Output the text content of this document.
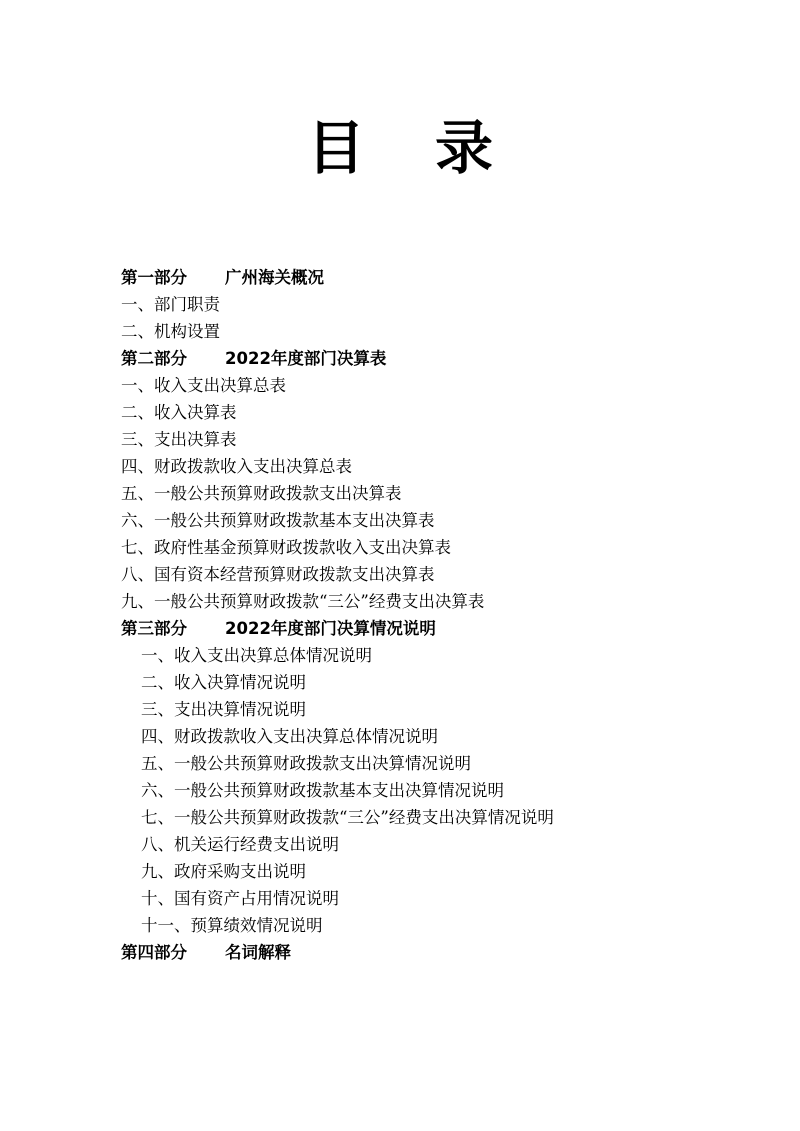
目 录
第一部分 广州海关概况
一、部门职责
二、机构设置
第二部分 2022年度部门决算表
一、收入支出决算总表
二、收入决算表
三、支出决算表
四、财政拨款收入支出决算总表
五、一般公共预算财政拨款支出决算表
六、一般公共预算财政拨款基本支出决算表
七、政府性基金预算财政拨款收入支出决算表
八、国有资本经营预算财政拨款支出决算表
九、一般公共预算财政拨款“三公”经费支出决算表
第三部分 2022年度部门决算情况说明
一、收入支出决算总体情况说明
二、收入决算情况说明
三、支出决算情况说明
四、财政拨款收入支出决算总体情况说明
五、一般公共预算财政拨款支出决算情况说明
六、一般公共预算财政拨款基本支出决算情况说明
七、一般公共预算财政拨款“三公”经费支出决算情况说明
八、机关运行经费支出说明
九、政府采购支出说明
十、国有资产占用情况说明
十一、预算绩效情况说明
第四部分 名词解释
